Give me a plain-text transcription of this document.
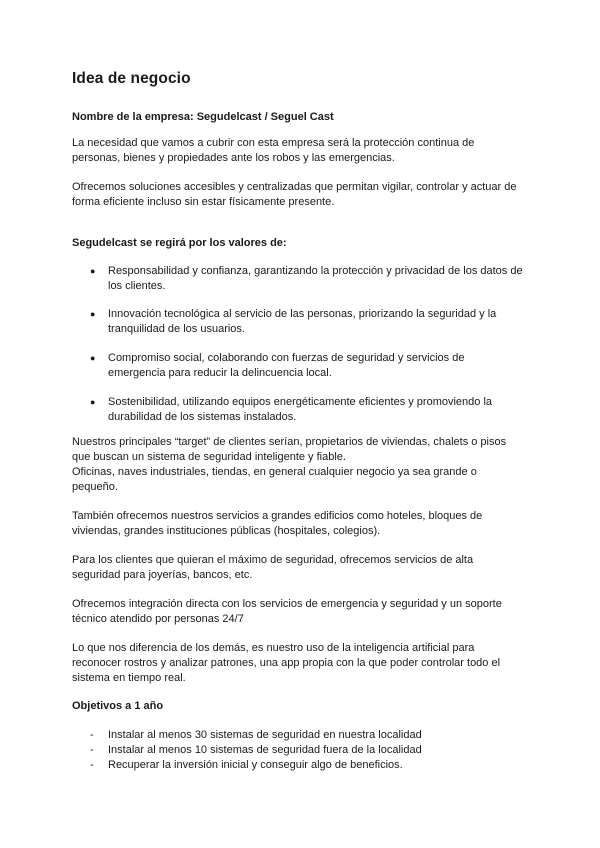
Idea de negocio

Nombre de la empresa: Segudelcast / Seguel Cast

La necesidad que vamos a cubrir con esta empresa será la protección continua de
personas, bienes y propiedades ante los robos y las emergencias.
Ofrecemos soluciones accesibles y centralizadas que permitan vigilar, controlar y actuar de
forma eficiente incluso sin estar físicamente presente.

Segudelcast se regirá por los valores de:

● Responsabilidad y confianza, garantizando la protección y privacidad de los datos de
los clientes.
● Innovación tecnológica al servicio de las personas, priorizando la seguridad y la
tranquilidad de los usuarios.
● Compromiso social, colaborando con fuerzas de seguridad y servicios de
emergencia para reducir la delincuencia local.
● Sostenibilidad, utilizando equipos energéticamente eficientes y promoviendo la
durabilidad de los sistemas instalados.
Nuestros principales “target” de clientes serían, propietarios de viviendas, chalets o pisos
que buscan un sistema de seguridad inteligente y fiable.
Oficinas, naves industriales, tiendas, en general cualquier negocio ya sea grande o
pequeño.
También ofrecemos nuestros servicios a grandes edificios como hoteles, bloques de
viviendas, grandes instituciones públicas (hospitales, colegios).
Para los clientes que quieran el máximo de seguridad, ofrecemos servicios de alta
seguridad para joyerías, bancos, etc.
Ofrecemos integración directa con los servicios de emergencia y seguridad y un soporte
técnico atendido por personas 24/7
Lo que nos diferencia de los demás, es nuestro uso de la inteligencia artificial para
reconocer rostros y analizar patrones, una app propia con la que poder controlar todo el
sistema en tiempo real.

Objetivos a 1 año

- Instalar al menos 30 sistemas de seguridad en nuestra localidad
- Instalar al menos 10 sistemas de seguridad fuera de la localidad
- Recuperar la inversión inicial y conseguir algo de beneficios.
